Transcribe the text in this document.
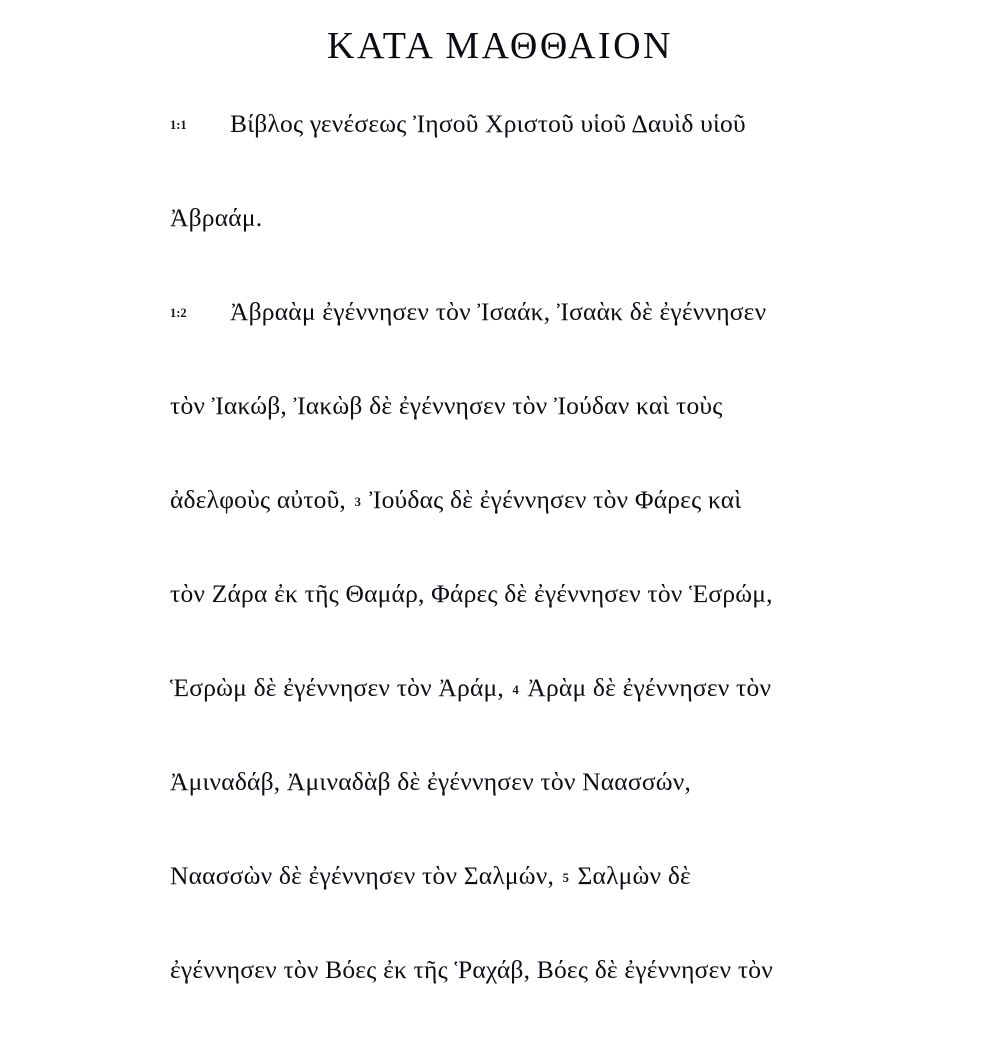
ΚΑΤΑ ΜΑΘΘΑΙΟΝ
1:1 Βίβλος γενέσεως Ἰησοῦ Χριστοῦ υἱοῦ Δαυὶδ υἱοῦ
Ἀβραάμ.
1:2 Ἀβραὰμ ἐγέννησεν τὸν Ἰσαάκ, Ἰσαὰκ δὲ ἐγέννησεν
τὸν Ἰακώβ, Ἰακὼβ δὲ ἐγέννησεν τὸν Ἰούδαν καὶ τοὺς
ἀδελφοὺς αὐτοῦ, 3 Ἰούδας δὲ ἐγέννησεν τὸν Φάρες καὶ
τὸν Ζάρα ἐκ τῆς Θαμάρ, Φάρες δὲ ἐγέννησεν τὸν Ἑσρώμ,
Ἑσρὼμ δὲ ἐγέννησεν τὸν Ἀράμ, 4 Ἀρὰμ δὲ ἐγέννησεν τὸν
Ἀμιναδάβ, Ἀμιναδὰβ δὲ ἐγέννησεν τὸν Ναασσών,
Ναασσὼν δὲ ἐγέννησεν τὸν Σαλμών, 5 Σαλμὼν δὲ
ἐγέννησεν τὸν Βόες ἐκ τῆς Ῥαχάβ, Βόες δὲ ἐγέννησεν τὸν
